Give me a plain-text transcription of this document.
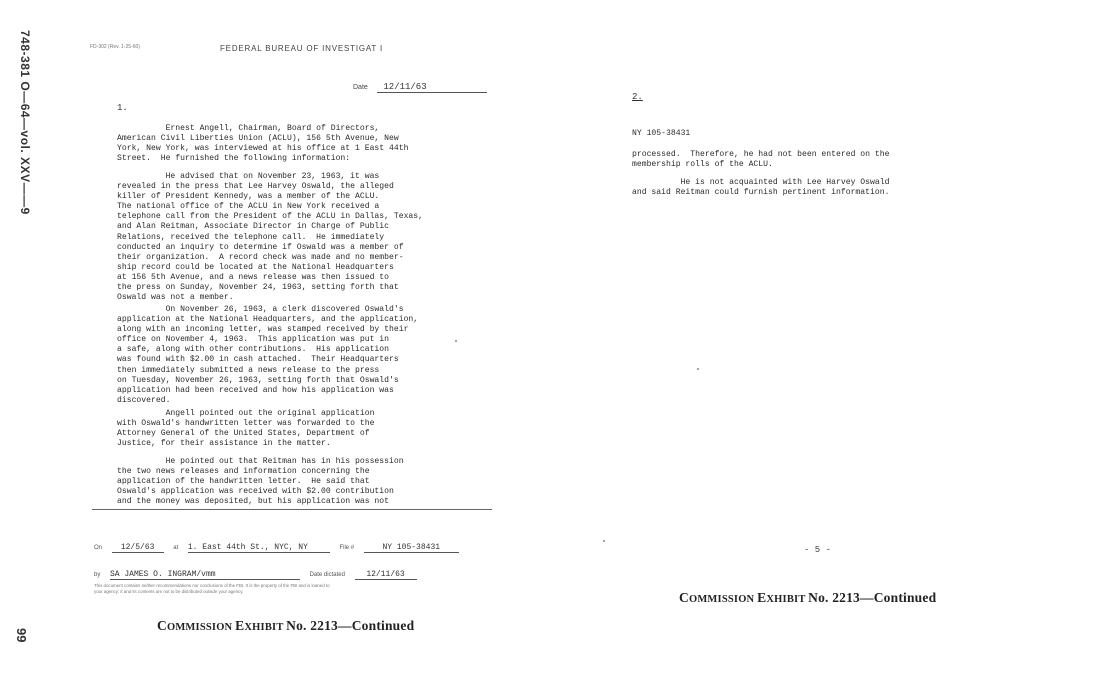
748-381 O—64—vol. XXV——9
99
FD-302 (Rev. 1-25-60)	FEDERAL BUREAU OF INVESTIGAT I
Date 12/11/63
1.
Ernest Angell, Chairman, Board of Directors,
American Civil Liberties Union (ACLU), 156 5th Avenue, New
York, New York, was interviewed at his office at 1 East 44th
Street.  He furnished the following information:
He advised that on November 23, 1963, it was
revealed in the press that Lee Harvey Oswald, the alleged
killer of President Kennedy, was a member of the ACLU.
The national office of the ACLU in New York received a
telephone call from the President of the ACLU in Dallas, Texas,
and Alan Reitman, Associate Director in Charge of Public
Relations, received the telephone call.  He immediately
conducted an inquiry to determine if Oswald was a member of
their organization.  A record check was made and no member-
ship record could be located at the National Headquarters
at 156 5th Avenue, and a news release was then issued to
the press on Sunday, November 24, 1963, setting forth that
Oswald was not a member.
On November 26, 1963, a clerk discovered Oswald's
application at the National Headquarters, and the application,
along with an incoming letter, was stamped received by their
office on November 4, 1963.  This application was put in
a safe, along with other contributions.  His application
was found with $2.00 in cash attached.  Their Headquarters
then immediately submitted a news release to the press
on Tuesday, November 26, 1963, setting forth that Oswald's
application had been received and how his application was
discovered.
Angell pointed out the original application
with Oswald's handwritten letter was forwarded to the
Attorney General of the United States, Department of
Justice, for their assistance in the matter.
He pointed out that Reitman has in his possession
the two news releases and information concerning the
application of the handwritten letter.  He said that
Oswald's application was received with $2.00 contribution
and the money was deposited, but his application was not
On 12/5/63	at 1. East 44th St., NYC, NY	File #	NY 105-38431
by SA JAMES O. INGRAM/vmm	Date dictated	12/11/63
This document contains neither recommendations nor conclusions of the FBI. It is the property of the FBI and is loaned to
your agency; it and its contents are not to be distributed outside your agency.
COMMISSION EXHIBIT No. 2213—Continued
2.
NY 105-38431
processed.  Therefore, he had not been entered on the
membership rolls of the ACLU.
He is not acquainted with Lee Harvey Oswald
and said Reitman could furnish pertinent information.
- 5 -
COMMISSION EXHIBIT No. 2213—Continued
